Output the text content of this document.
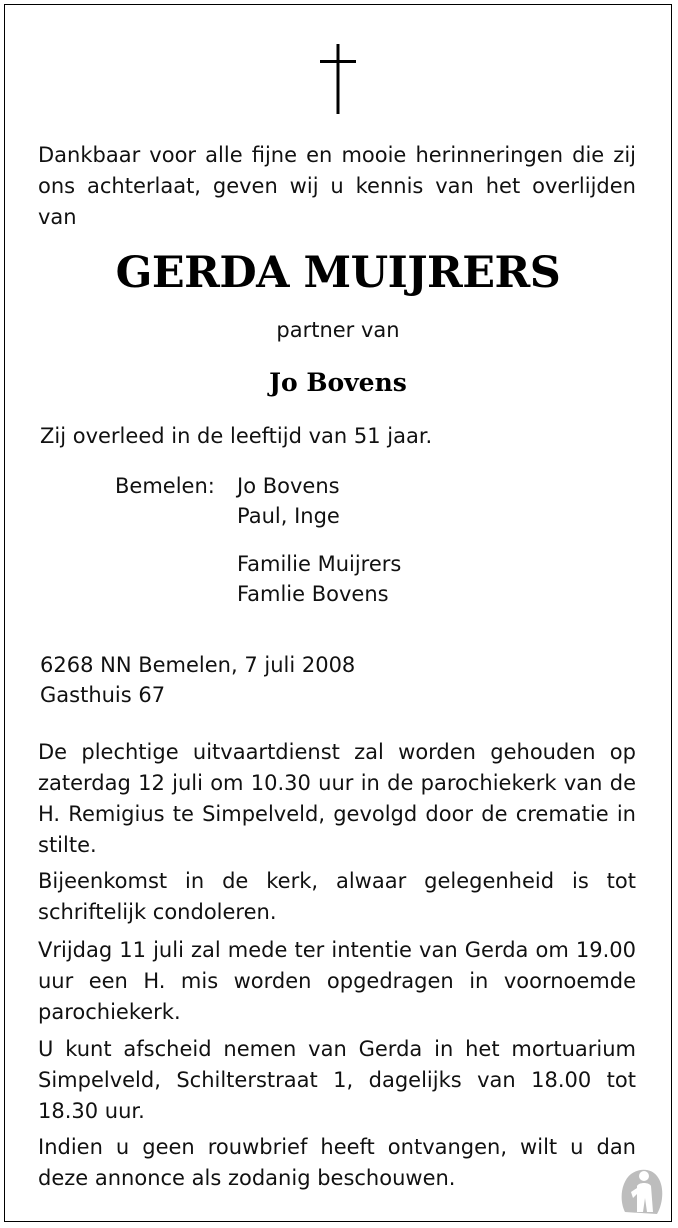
Dankbaar voor alle fijne en mooie herinneringen die zij ons achterlaat, geven wij u kennis van het overlijden van
GERDA MUIJRERS
partner van
Jo Bovens
Zij overleed in de leeftijd van 51 jaar.
Bemelen: Jo Bovens
Paul, Inge
Familie Muijrers
Famlie Bovens
6268 NN Bemelen, 7 juli 2008
Gasthuis 67
De plechtige uitvaartdienst zal worden gehouden op zaterdag 12 juli om 10.30 uur in de parochiekerk van de H. Remigius te Simpelveld, gevolgd door de crematie in stilte.
Bijeenkomst in de kerk, alwaar gelegenheid is tot schriftelijk condoleren.
Vrijdag 11 juli zal mede ter intentie van Gerda om 19.00 uur een H. mis worden opgedragen in voornoemde parochiekerk.
U kunt afscheid nemen van Gerda in het mortuarium Simpelveld, Schilterstraat 1, dagelijks van 18.00 tot 18.30 uur.
Indien u geen rouwbrief heeft ontvangen, wilt u dan deze annonce als zodanig beschouwen.
